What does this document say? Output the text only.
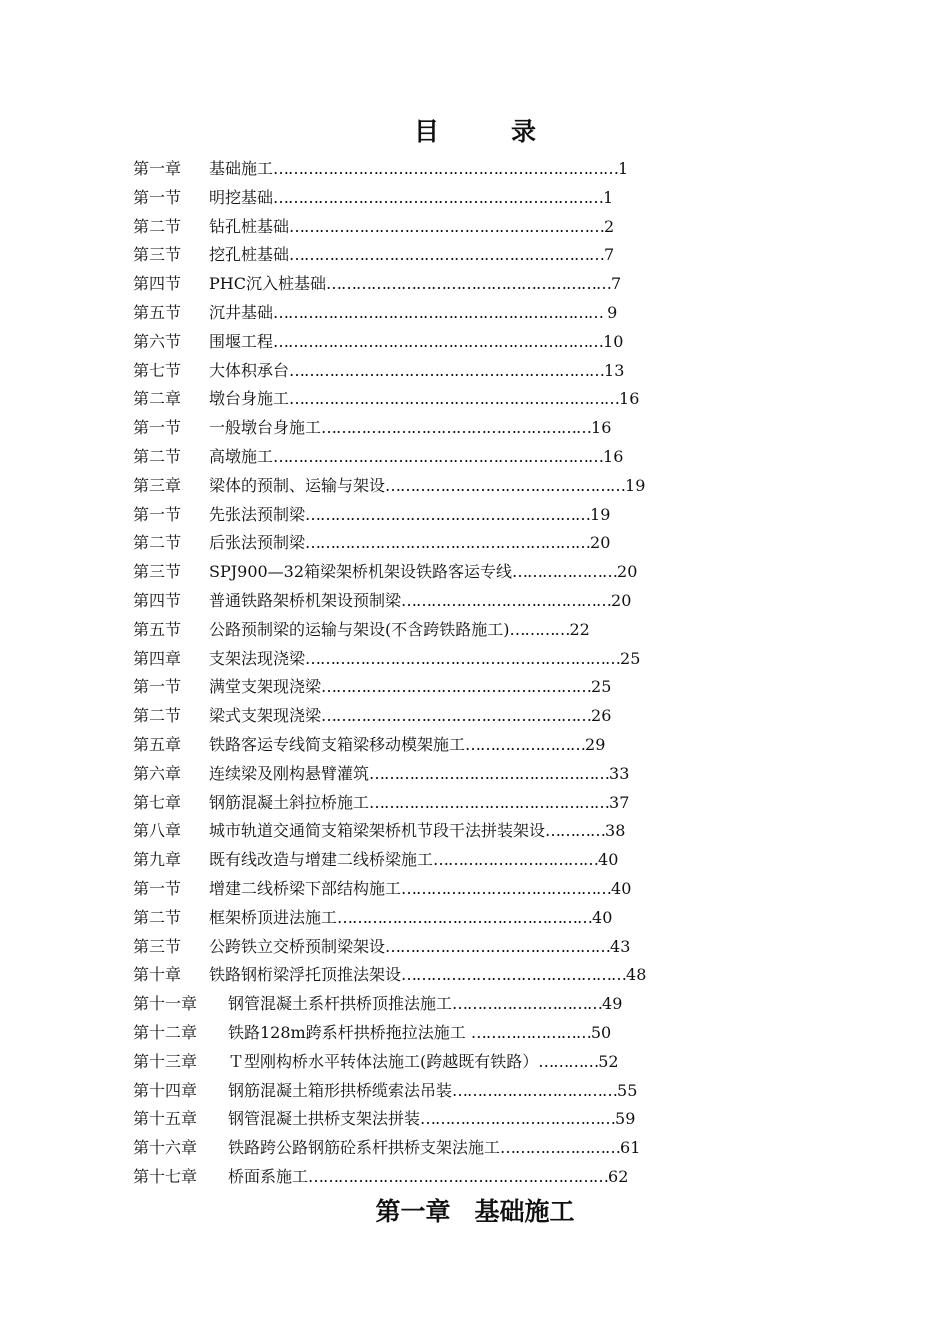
目	录
第一章 基础施工……………………………………………………………1
第一节 明挖基础…………………………………………………………1
第二节 钻孔桩基础………………………………………………………2
第三节 挖孔桩基础………………………………………………………7
第四节 PHC沉入桩基础…………………………………………………7
第五节 沉井基础………………………………………………………… 9
第六节 围堰工程…………………………………………………………10
第七节 大体积承台………………………………………………………13
第二章 墩台身施工…………………………………………………………16
第一节 一般墩台身施工………………………………………………16
第二节 高墩施工…………………………………………………………16
第三章 梁体的预制、运输与架设…………………………………………19
第一节 先张法预制梁…………………………………………………19
第二节 后张法预制梁…………………………………………………20
第三节 SPJ900—32箱梁架桥机架设铁路客运专线…………………20
第四节 普通铁路架桥机架设预制梁……………………………………20
第五节 公路预制梁的运输与架设(不含跨铁路施工)…………22
第四章 支架法现浇梁………………………………………………………25
第一节 满堂支架现浇梁………………………………………………25
第二节 梁式支架现浇梁………………………………………………26
第五章 铁路客运专线简支箱梁移动模架施工……………………29
第六章 连续梁及刚构悬臂灌筑…………………………………………33
第七章 钢筋混凝土斜拉桥施工…………………………………………37
第八章 城市轨道交通简支箱梁架桥机节段干法拼装架设…………38
第九章 既有线改造与增建二线桥梁施工……………………………40
第一节 增建二线桥梁下部结构施工……………………………………40
第二节 框架桥顶进法施工……………………………………………40
第三节 公跨铁立交桥预制梁架设………………………………………43
第十章 铁路钢桁梁浮托顶推法架设………………………………………48
第十一章 钢管混凝土系杆拱桥顶推法施工…………………………49
第十二章 铁路128m跨系杆拱桥拖拉法施工 ……………………50
第十三章 Ｔ型刚构桥水平转体法施工(跨越既有铁路）…………52
第十四章 钢筋混凝土箱形拱桥缆索法吊装……………………………55
第十五章 钢管混凝土拱桥支架法拼装…………………………………59
第十六章 铁路跨公路钢筋砼系杆拱桥支架法施工……………………61
第十七章 桥面系施工……………………………………………………62
第一章 基础施工
